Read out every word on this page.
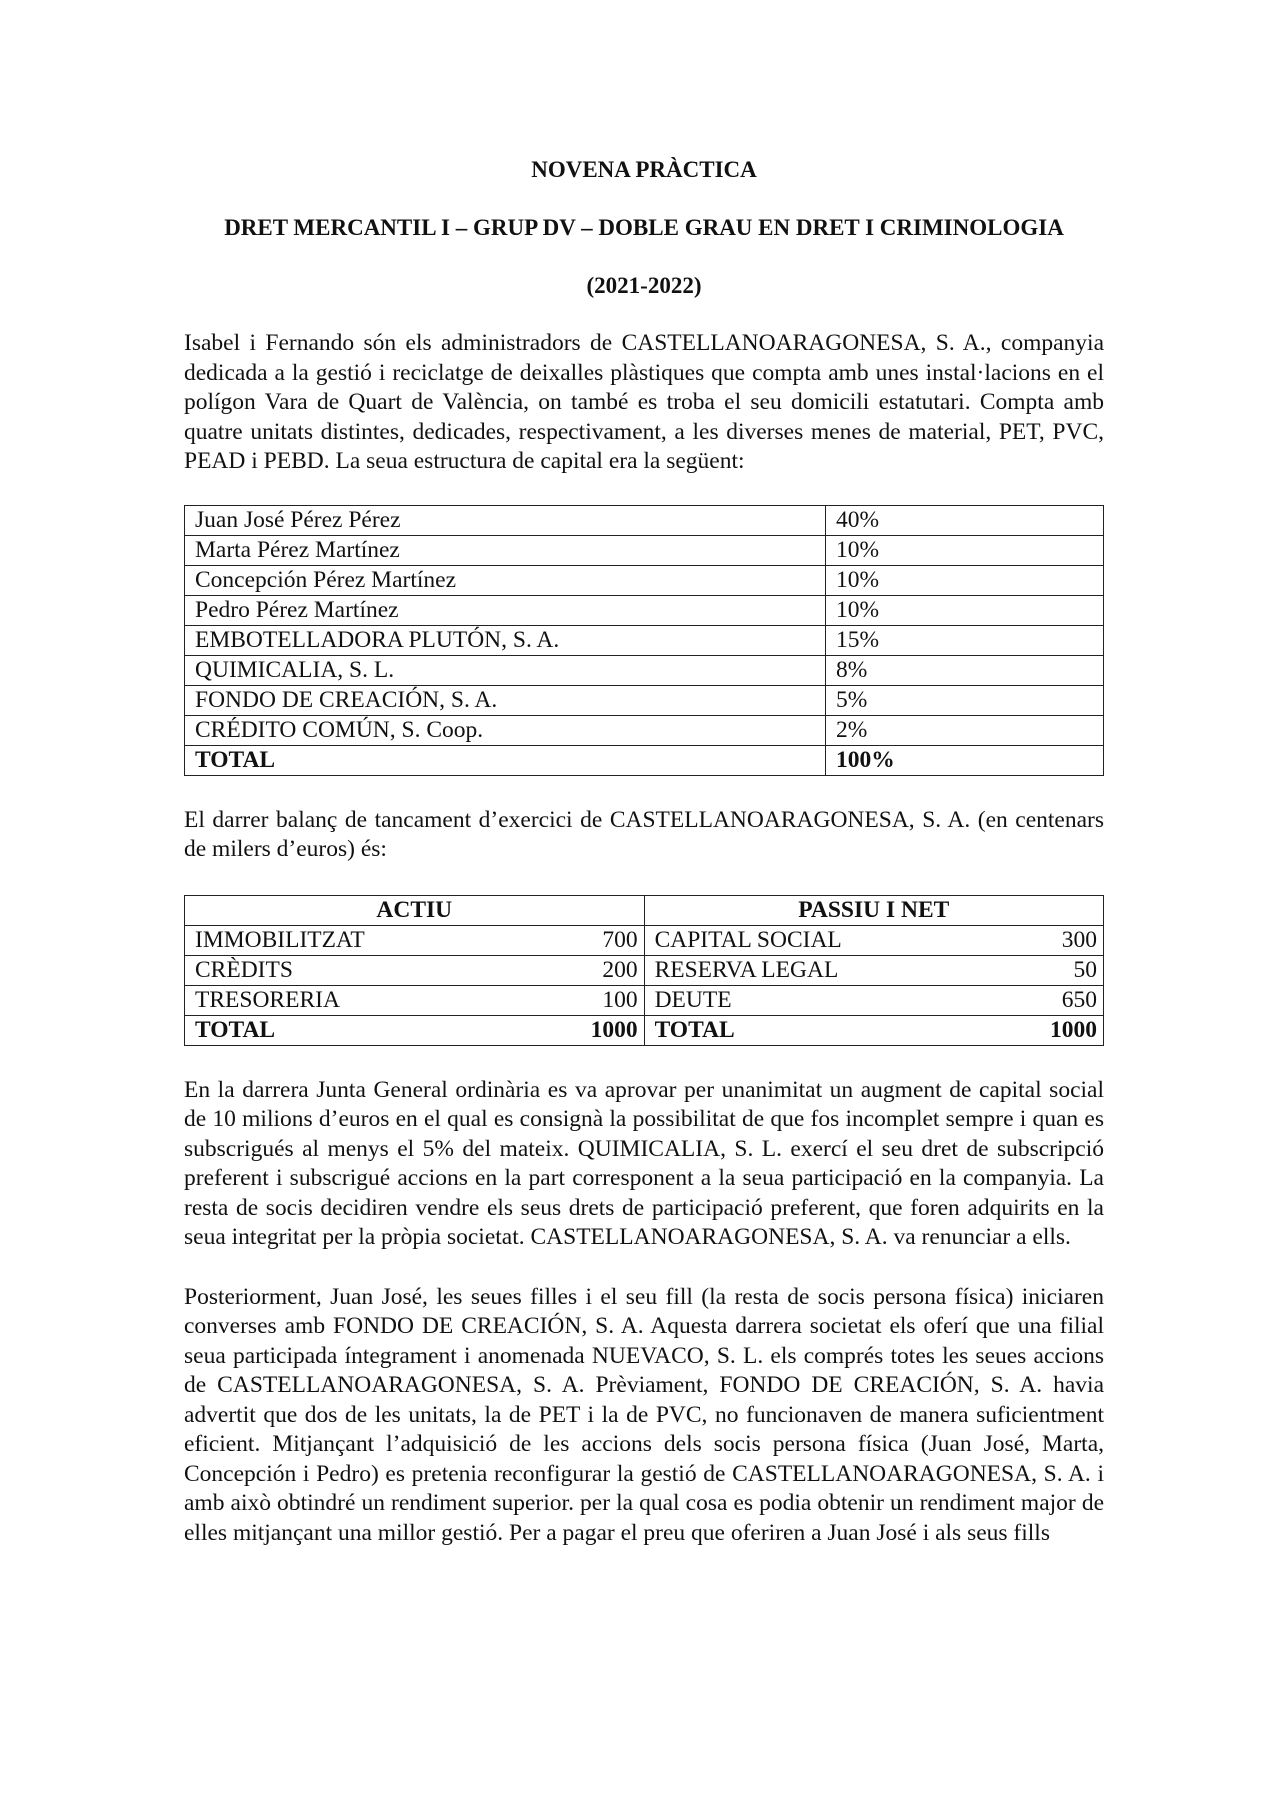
NOVENA PRÀCTICA

DRET MERCANTIL I – GRUP DV – DOBLE GRAU EN DRET I CRIMINOLOGIA

(2021-2022)

Isabel i Fernando són els administradors de CASTELLANOARAGONESA, S. A., companyia dedicada a la gestió i reciclatge de deixalles plàstiques que compta amb unes instal·lacions en el polígon Vara de Quart de València, on també es troba el seu domicili estatutari. Compta amb quatre unitats distintes, dedicades, respectivament, a les diverses menes de material, PET, PVC, PEAD i PEBD. La seua estructura de capital era la següent:

Juan José Pérez Pérez	40%
Marta Pérez Martínez	10%
Concepción Pérez Martínez	10%
Pedro Pérez Martínez	10%
EMBOTELLADORA PLUTÓN, S. A.	15%
QUIMICALIA, S. L.	8%
FONDO DE CREACIÓN, S. A.	5%
CRÉDITO COMÚN, S. Coop.	2%
TOTAL	100%

El darrer balanç de tancament d’exercici de CASTELLANOARAGONESA, S. A. (en centenars de milers d’euros) és:

ACTIU		PASSIU I NET	
IMMOBILITZAT	700	CAPITAL SOCIAL	300
CRÈDITS	200	RESERVA LEGAL	50
TRESORERIA	100	DEUTE	650
TOTAL	1000	TOTAL	1000

En la darrera Junta General ordinària es va aprovar per unanimitat un augment de capital social de 10 milions d’euros en el qual es consignà la possibilitat de que fos incomplet sempre i quan es subscrigués al menys el 5% del mateix. QUIMICALIA, S. L. exercí el seu dret de subscripció preferent i subscrigué accions en la part corresponent a la seua participació en la companyia. La resta de socis decidiren vendre els seus drets de participació preferent, que foren adquirits en la seua integritat per la pròpia societat. CASTELLANOARAGONESA, S. A. va renunciar a ells.

Posteriorment, Juan José, les seues filles i el seu fill (la resta de socis persona física) iniciaren converses amb FONDO DE CREACIÓN, S. A. Aquesta darrera societat els oferí que una filial seua participada íntegrament i anomenada NUEVACO, S. L. els comprés totes les seues accions de CASTELLANOARAGONESA, S. A. Prèviament, FONDO DE CREACIÓN, S. A. havia advertit que dos de les unitats, la de PET i la de PVC, no funcionaven de manera suficientment eficient. Mitjançant l’adquisició de les accions dels socis persona física (Juan José, Marta, Concepción i Pedro) es pretenia reconfigurar la gestió de CASTELLANOARAGONESA, S. A. i amb això obtindré un rendiment superior. per la qual cosa es podia obtenir un rendiment major de elles mitjançant una millor gestió. Per a pagar el preu que oferiren a Juan José i als seus fills
